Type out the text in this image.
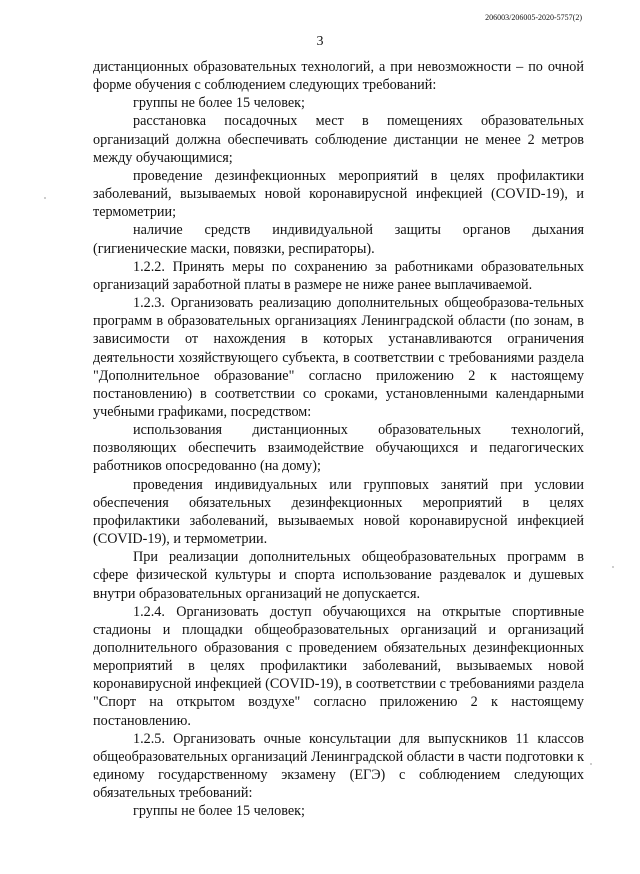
206003/206005-2020-5757(2)
3

дистанционных образовательных технологий, а при невозможности – по очной форме обучения с соблюдением следующих требований:

группы не более 15 человек;

расстановка посадочных мест в помещениях образовательных организаций должна обеспечивать соблюдение дистанции не менее 2 метров между обучающимися;

проведение дезинфекционных мероприятий в целях профилактики заболеваний, вызываемых новой коронавирусной инфекцией (COVID-19), и термометрии;

наличие средств индивидуальной защиты органов дыхания (гигиенические маски, повязки, респираторы).

1.2.2. Принять меры по сохранению за работниками образовательных организаций заработной платы в размере не ниже ранее выплачиваемой.

1.2.3. Организовать реализацию дополнительных общеобразова-тельных программ в образовательных организациях Ленинградской области (по зонам, в зависимости от нахождения в которых устанавливаются ограничения деятельности хозяйствующего субъекта, в соответствии с требованиями раздела "Дополнительное образование" согласно приложению 2 к настоящему постановлению) в соответствии со сроками, установленными календарными учебными графиками, посредством:

использования дистанционных образовательных технологий, позволяющих обеспечить взаимодействие обучающихся и педагогических работников опосредованно (на дому);

проведения индивидуальных или групповых занятий при условии обеспечения обязательных дезинфекционных мероприятий в целях профилактики заболеваний, вызываемых новой коронавирусной инфекцией (COVID-19), и термометрии.

При реализации дополнительных общеобразовательных программ в сфере физической культуры и спорта использование раздевалок и душевых внутри образовательных организаций не допускается.

1.2.4. Организовать доступ обучающихся на открытые спортивные стадионы и площадки общеобразовательных организаций и организаций дополнительного образования с проведением обязательных дезинфекционных мероприятий в целях профилактики заболеваний, вызываемых новой коронавирусной инфекцией (COVID-19), в соответствии с требованиями раздела "Спорт на открытом воздухе" согласно приложению 2 к настоящему постановлению.

1.2.5. Организовать очные консультации для выпускников 11 классов общеобразовательных организаций Ленинградской области в части подготовки к единому государственному экзамену (ЕГЭ) с соблюдением следующих обязательных требований:

группы не более 15 человек;
